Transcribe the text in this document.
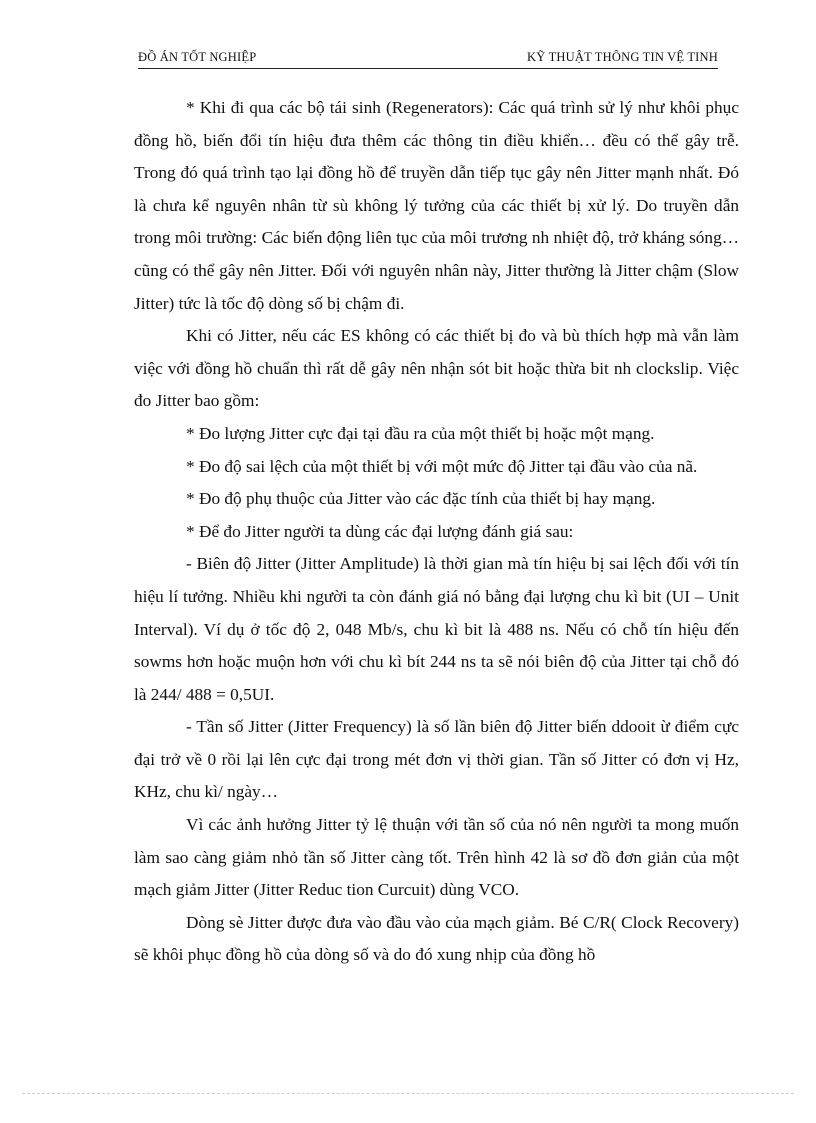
ĐỒ ÁN TỐT NGHIỆP	KỸ THUẬT THÔNG TIN VỆ TINH

* Khi đi qua các bộ tái sinh (Regenerators): Các quá trình sử lý như khôi phục đồng hồ, biến đổi tín hiệu đưa thêm các thông tin điều khiển… đều có thể gây trễ. Trong đó quá trình tạo lại đồng hồ để truyền dẫn tiếp tục gây nên Jitter mạnh nhất. Đó là chưa kể nguyên nhân từ sù không lý tưởng của các thiết bị xử lý. Do truyền dẫn trong môi trường: Các biến động liên tục của môi trương nh nhiệt độ, trở kháng sóng… cũng có thể gây nên Jitter. Đối với nguyên nhân này, Jitter thường là Jitter chậm (Slow Jitter) tức là tốc độ dòng số bị chậm đi.

Khi có Jitter, nếu các ES không có các thiết bị đo và bù thích hợp mà vẫn làm việc với đồng hồ chuẩn thì rất dễ gây nên nhận sót bit hoặc thừa bit nh clockslip. Việc đo Jitter bao gồm:

* Đo lượng Jitter cực đại tại đầu ra của một thiết bị hoặc một mạng.

* Đo độ sai lệch của một thiết bị với một mức độ Jitter tại đầu vào của nã.

* Đo độ phụ thuộc của Jitter vào các đặc tính của thiết bị hay mạng.

* Để đo Jitter người ta dùng các đại lượng đánh giá sau:

- Biên độ Jitter (Jitter Amplitude) là thời gian mà tín hiệu bị sai lệch đối với tín hiệu lí tưởng. Nhiều khi người ta còn đánh giá nó bằng đại lượng chu kì bit (UI – Unit Interval). Ví dụ ở tốc độ 2, 048 Mb/s, chu kì bit là 488 ns. Nếu có chỗ tín hiệu đến sowms hơn hoặc muộn hơn với chu kì bít 244 ns ta sẽ nói biên độ của Jitter tại chỗ đó là 244/ 488 = 0,5UI.

- Tần số Jitter (Jitter Frequency) là số lần biên độ Jitter biến ddooit ừ điểm cực đại trở về 0 rồi lại lên cực đại trong mét đơn vị thời gian. Tần số Jitter có đơn vị Hz, KHz, chu kì/ ngày…

Vì các ảnh hưởng Jitter tỷ lệ thuận với tần số của nó nên người ta mong muốn làm sao càng giảm nhỏ tần số Jitter càng tốt. Trên hình 42 là sơ đồ đơn giản của một mạch giảm Jitter (Jitter Reduc tion Curcuit) dùng VCO.

Dòng sè Jitter được đưa vào đầu vào của mạch giảm. Bé C/R( Clock Recovery) sẽ khôi phục đồng hồ của dòng số và do đó xung nhịp của đồng hồ
